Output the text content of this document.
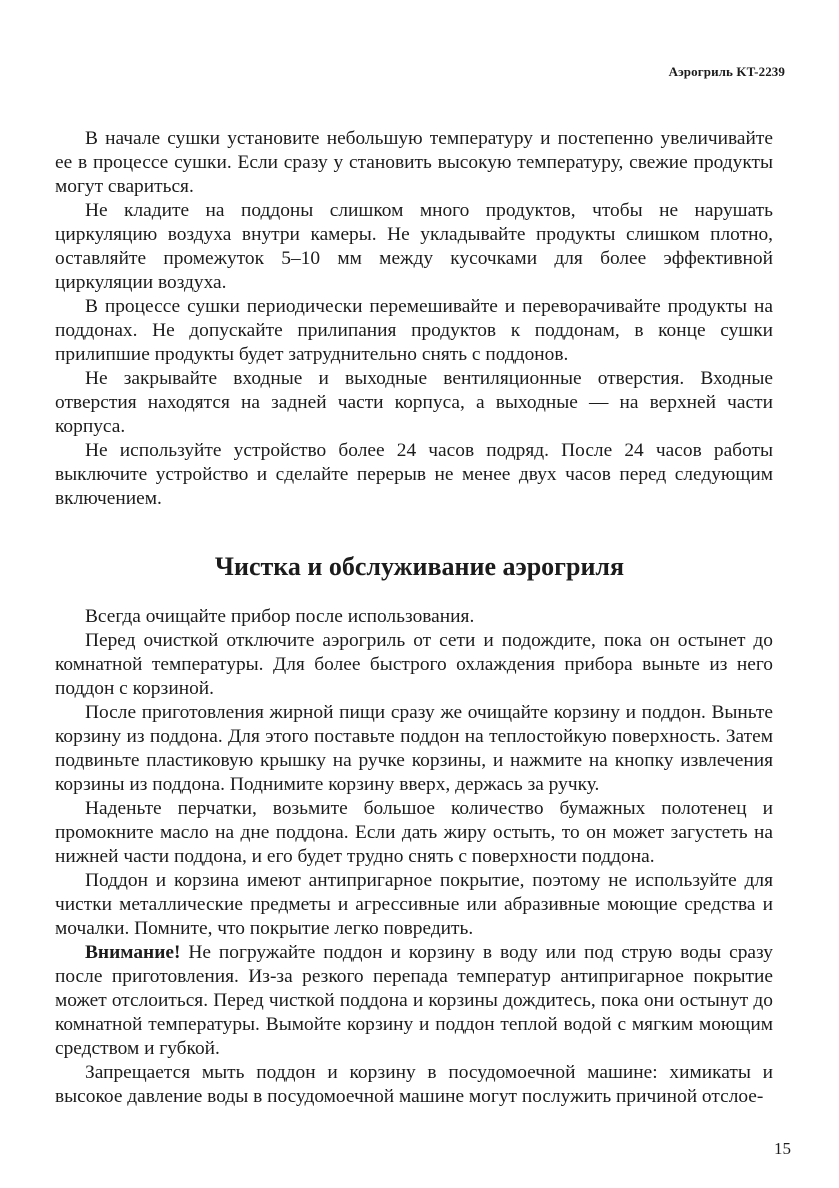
Аэрогриль KT-2239

В начале сушки установите небольшую температуру и постепенно увеличивайте ее в процессе сушки. Если сразу у становить высокую температуру, свежие продукты могут свариться.

Не кладите на поддоны слишком много продуктов, чтобы не нарушать циркуляцию воздуха внутри камеры. Не укладывайте продукты слишком плотно, оставляйте промежуток 5–10 мм между кусочками для более эффективной циркуляции воздуха.

В процессе сушки периодически перемешивайте и переворачивайте продукты на поддонах. Не допускайте прилипания продуктов к поддонам, в конце сушки прилипшие продукты будет затруднительно снять с поддонов.

Не закрывайте входные и выходные вентиляционные отверстия. Входные отверстия находятся на задней части корпуса, а выходные — на верхней части корпуса.

Не используйте устройство более 24 часов подряд. После 24 часов работы выключите устройство и сделайте перерыв не менее двух часов перед следующим включением.

Чистка и обслуживание аэрогриля

Всегда очищайте прибор после использования.

Перед очисткой отключите аэрогриль от сети и подождите, пока он остынет до комнатной температуры. Для более быстрого охлаждения прибора выньте из него поддон с корзиной.

После приготовления жирной пищи сразу же очищайте корзину и поддон. Выньте корзину из поддона. Для этого поставьте поддон на теплостойкую поверхность. Затем подвиньте пластиковую крышку на ручке корзины, и нажмите на кнопку извлечения корзины из поддона. Поднимите корзину вверх, держась за ручку.

Наденьте перчатки, возьмите большое количество бумажных полотенец и промокните масло на дне поддона. Если дать жиру остыть, то он может загустеть на нижней части поддона, и его будет трудно снять с поверхности поддона.

Поддон и корзина имеют антипригарное покрытие, поэтому не используйте для чистки металлические предметы и агрессивные или абразивные моющие средства и мочалки. Помните, что покрытие легко повредить.

Внимание! Не погружайте поддон и корзину в воду или под струю воды сразу после приготовления. Из-за резкого перепада температур антипригарное покрытие может отслоиться. Перед чисткой поддона и корзины дождитесь, пока они остынут до комнатной температуры. Вымойте корзину и поддон теплой водой с мягким моющим средством и губкой.

Запрещается мыть поддон и корзину в посудомоечной машине: химикаты и высокое давление воды в посудомоечной машине могут послужить причиной отслое-

15
